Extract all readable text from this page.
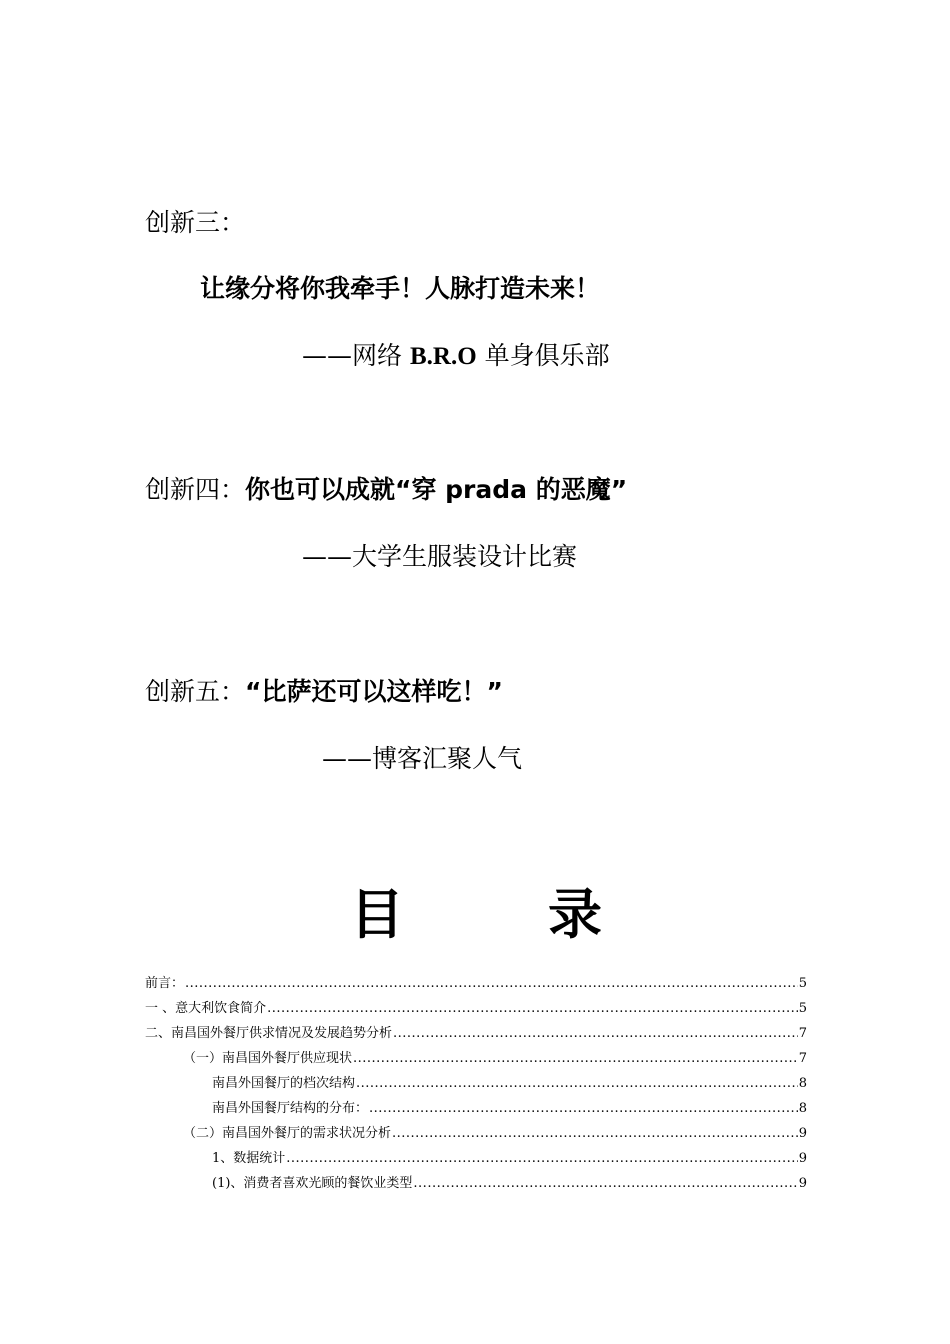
创新三：
让缘分将你我牵手！人脉打造未来！
——网络 B.R.O 单身俱乐部
创新四：你也可以成就“穿 prada 的恶魔”
——大学生服装设计比赛
创新五：“比萨还可以这样吃！”
——博客汇聚人气
目	录
前言： .....	5
一 、意大利饮食简介 .....	5
二、南昌国外餐厅供求情况及发展趋势分析 .....	7
（一）南昌国外餐厅供应现状 .....	7
南昌外国餐厅的档次结构 .....	8
南昌外国餐厅结构的分布： .....	8
（二）南昌国外餐厅的需求状况分析 .....	9
1、数据统计 .....	9
(1)、消费者喜欢光顾的餐饮业类型 .....	9
